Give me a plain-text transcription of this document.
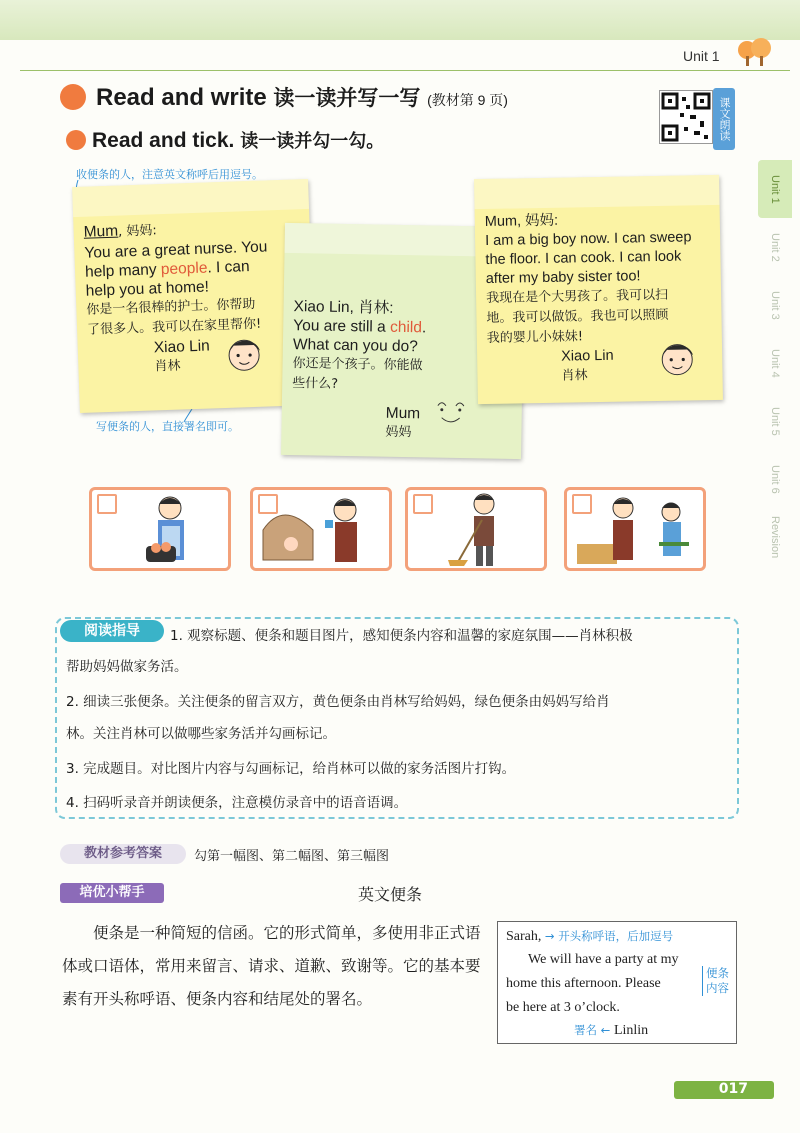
Unit 1
Read and write 读一读并写一写 (教材第 9 页)	课文朗读
Read and tick. 读一读并勾一勾。
Unit 1
Unit 2
Unit 3
Unit 4
Unit 5
Unit 6
Revision
收便条的人，注意英文称呼后用逗号。
写便条的人，直接署名即可。
Mum, 妈妈:
You are a great nurse. You
help many people. I can
help you at home!
你是一名很棒的护士。你帮助
了很多人。我可以在家里帮你!
Xiao Lin
肖林
Xiao Lin, 肖林:
You are still a child.
What can you do?
你还是个孩子。你能做
些什么?
Mum
妈妈
Mum, 妈妈:
I am a big boy now. I can sweep
the floor. I can cook. I can look
after my baby sister too!
我现在是个大男孩了。我可以扫
地。我可以做饭。我也可以照顾
我的婴儿小妹妹!
Xiao Lin
肖林
阅读指导	1. 观察标题、便条和题目图片，感知便条内容和温馨的家庭氛围——肖林积极
帮助妈妈做家务活。
2. 细读三张便条。关注便条的留言双方，黄色便条由肖林写给妈妈，绿色便条由妈妈写给肖
林。关注肖林可以做哪些家务活并勾画标记。
3. 完成题目。对比图片内容与勾画标记，给肖林可以做的家务活图片打钩。
4. 扫码听录音并朗读便条，注意模仿录音中的语音语调。
教材参考答案	勾第一幅图、第二幅图、第三幅图
培优小帮手	英文便条
便条是一种简短的信函。它的形式简单，多使用非正式语体或口语体，常用来留言、请求、道歉、致谢等。它的基本要素有开头称呼语、便条内容和结尾处的署名。
Sarah, → 开头称呼语，后加逗号
We will have a party at my
home this afternoon. Please
be here at 3 o’clock.
便条内容
署名 ← Linlin
017
